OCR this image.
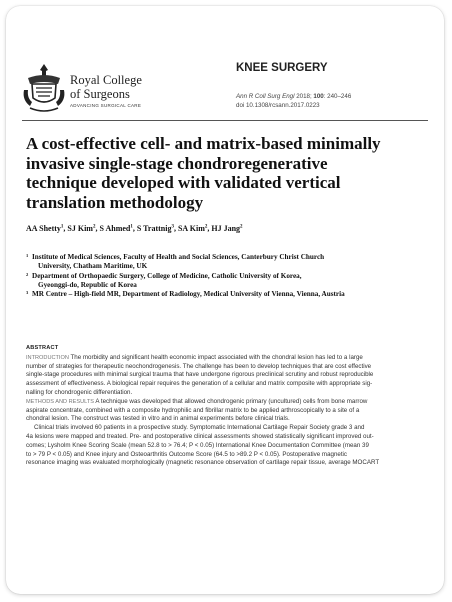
Royal College
of Surgeons
ADVANCING SURGICAL CARE
KNEE SURGERY
Ann R Coll Surg Engl 2018; 100: 240–246
doi 10.1308/rcsann.2017.0223
A cost-effective cell- and matrix-based minimally
invasive single-stage chondroregenerative
technique developed with validated vertical
translation methodology
AA Shetty$^1$, SJ Kim$^2$, S Ahmed$^1$, S Trattnig$^3$, SA Kim$^2$, HJ Jang$^2$
1 Institute of Medical Sciences, Faculty of Health and Social Sciences, Canterbury Christ Church
University, Chatham Maritime, UK
2 Department of Orthopaedic Surgery, College of Medicine, Catholic University of Korea,
Gyeonggi-do, Republic of Korea
3 MR Centre – High-field MR, Department of Radiology, Medical University of Vienna, Vienna, Austria
ABSTRACT
INTRODUCTION The morbidity and significant health economic impact associated with the chondral lesion has led to a large
number of strategies for therapeutic neochondrogenesis. The challenge has been to develop techniques that are cost effective
single-stage procedures with minimal surgical trauma that have undergone rigorous preclinical scrutiny and robust reproducible
assessment of effectiveness. A biological repair requires the generation of a cellular and matrix composite with appropriate sig-
nalling for chondrogenic differentiation.
METHODS AND RESULTS A technique was developed that allowed chondrogenic primary (uncultured) cells from bone marrow
aspirate concentrate, combined with a composite hydrophilic and fibrillar matrix to be applied arthroscopically to a site of a
chondral lesion. The construct was tested in vitro and in animal experiments before clinical trials.
Clinical trials involved 60 patients in a prospective study. Symptomatic International Cartilage Repair Society grade 3 and
4a lesions were mapped and treated. Pre- and postoperative clinical assessments showed statistically significant improved out-
comes; Lysholm Knee Scoring Scale (mean 52.8 to > 76.4; P < 0.05) International Knee Documentation Committee (mean 39
to > 79 P < 0.05) and Knee injury and Osteoarthritis Outcome Score (64.5 to >89.2 P < 0.05). Postoperative magnetic
resonance imaging was evaluated morphologically (magnetic resonance observation of cartilage repair tissue, average MOCART
